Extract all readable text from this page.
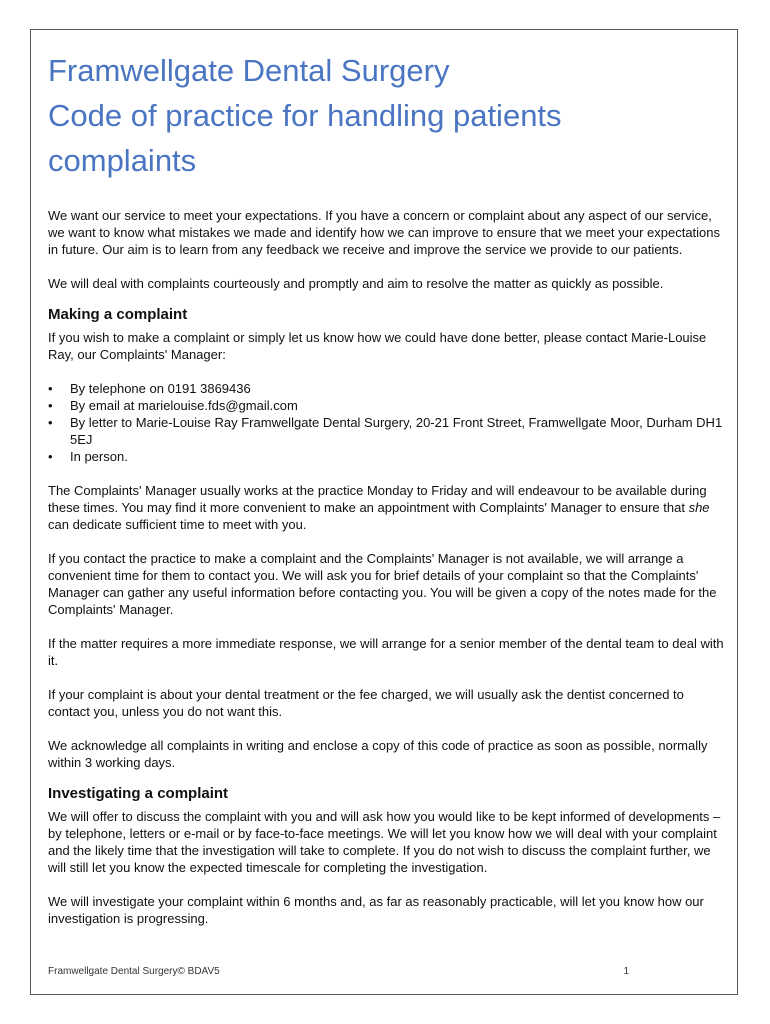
Framwellgate Dental Surgery
Code of practice for handling patients
complaints

We want our service to meet your expectations. If you have a concern or complaint about any aspect of our service, we want to know what mistakes we made and identify how we can improve to ensure that we meet your expectations in future. Our aim is to learn from any feedback we receive and improve the service we provide to our patients.

We will deal with complaints courteously and promptly and aim to resolve the matter as quickly as possible.

Making a complaint

If you wish to make a complaint or simply let us know how we could have done better, please contact Marie-Louise Ray, our Complaints' Manager:

• By telephone on 0191 3869436
• By email at marielouise.fds@gmail.com
• By letter to Marie-Louise Ray Framwellgate Dental Surgery, 20-21 Front Street, Framwellgate Moor, Durham DH1 5EJ
• In person.

The Complaints' Manager usually works at the practice Monday to Friday and will endeavour to be available during these times. You may find it more convenient to make an appointment with Complaints' Manager to ensure that she can dedicate sufficient time to meet with you.

If you contact the practice to make a complaint and the Complaints' Manager is not available, we will arrange a convenient time for them to contact you. We will ask you for brief details of your complaint so that the Complaints' Manager can gather any useful information before contacting you. You will be given a copy of the notes made for the Complaints' Manager.

If the matter requires a more immediate response, we will arrange for a senior member of the dental team to deal with it.

If your complaint is about your dental treatment or the fee charged, we will usually ask the dentist concerned to contact you, unless you do not want this.

We acknowledge all complaints in writing and enclose a copy of this code of practice as soon as possible, normally within 3 working days.

Investigating a complaint

We will offer to discuss the complaint with you and will ask how you would like to be kept informed of developments – by telephone, letters or e-mail or by face-to-face meetings. We will let you know how we will deal with your complaint and the likely time that the investigation will take to complete. If you do not wish to discuss the complaint further, we will still let you know the expected timescale for completing the investigation.

We will investigate your complaint within 6 months and, as far as reasonably practicable, will let you know how our investigation is progressing.

Framwellgate Dental Surgery© BDAV5	1
